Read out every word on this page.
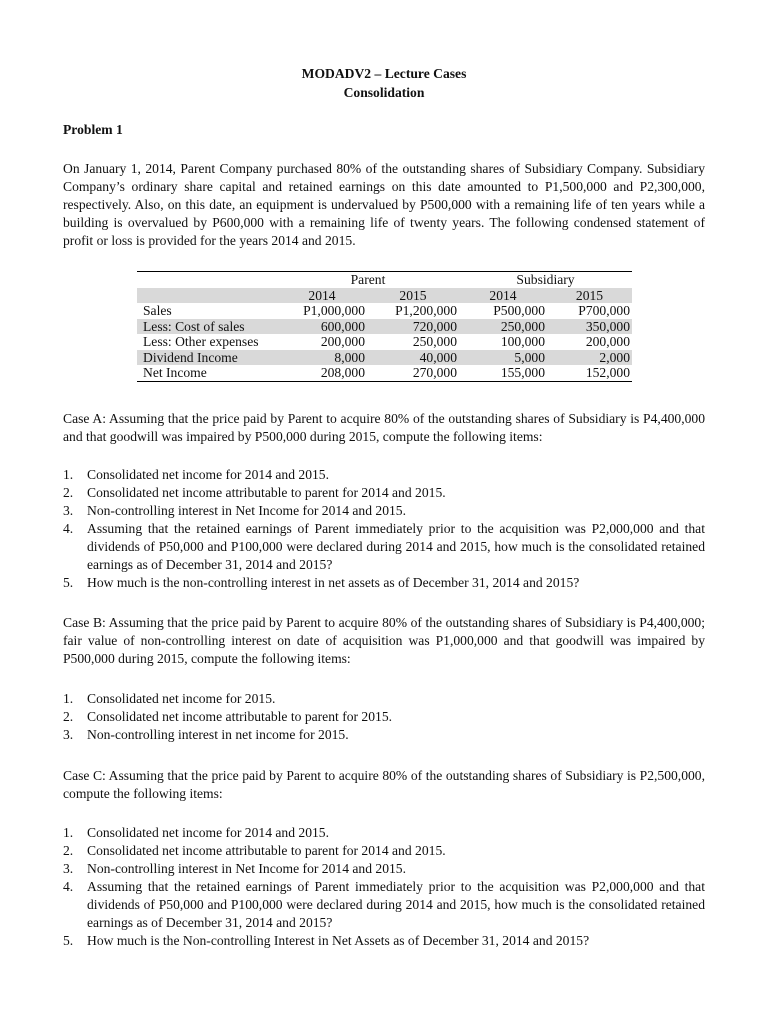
MODADV2 – Lecture Cases
Consolidation
Problem 1

On January 1, 2014, Parent Company purchased 80% of the outstanding shares of Subsidiary Company. Subsidiary Company’s ordinary share capital and retained earnings on this date amounted to P1,500,000 and P2,300,000, respectively. Also, on this date, an equipment is undervalued by P500,000 with a remaining life of ten years while a building is overvalued by P600,000 with a remaining life of twenty years. The following condensed statement of profit or loss is provided for the years 2014 and 2015.

	Parent		Subsidiary	
	2014	2015	2014	2015
Sales	P1,000,000	P1,200,000	P500,000	P700,000
Less: Cost of sales	600,000	720,000	250,000	350,000
Less: Other expenses	200,000	250,000	100,000	200,000
Dividend Income	8,000	40,000	5,000	2,000
Net Income	208,000	270,000	155,000	152,000

Case A: Assuming that the price paid by Parent to acquire 80% of the outstanding shares of Subsidiary is P4,400,000 and that goodwill was impaired by P500,000 during 2015, compute the following items:

1. Consolidated net income for 2014 and 2015.
2. Consolidated net income attributable to parent for 2014 and 2015.
3. Non-controlling interest in Net Income for 2014 and 2015.
4. Assuming that the retained earnings of Parent immediately prior to the acquisition was P2,000,000 and that dividends of P50,000 and P100,000 were declared during 2014 and 2015, how much is the consolidated retained earnings as of December 31, 2014 and 2015?
5. How much is the non-controlling interest in net assets as of December 31, 2014 and 2015?

Case B: Assuming that the price paid by Parent to acquire 80% of the outstanding shares of Subsidiary is P4,400,000; fair value of non-controlling interest on date of acquisition was P1,000,000 and that goodwill was impaired by P500,000 during 2015, compute the following items:

1. Consolidated net income for 2015.
2. Consolidated net income attributable to parent for 2015.
3. Non-controlling interest in net income for 2015.

Case C: Assuming that the price paid by Parent to acquire 80% of the outstanding shares of Subsidiary is P2,500,000, compute the following items:

1. Consolidated net income for 2014 and 2015.
2. Consolidated net income attributable to parent for 2014 and 2015.
3. Non-controlling interest in Net Income for 2014 and 2015.
4. Assuming that the retained earnings of Parent immediately prior to the acquisition was P2,000,000 and that dividends of P50,000 and P100,000 were declared during 2014 and 2015, how much is the consolidated retained earnings as of December 31, 2014 and 2015?
5. How much is the Non-controlling Interest in Net Assets as of December 31, 2014 and 2015?
